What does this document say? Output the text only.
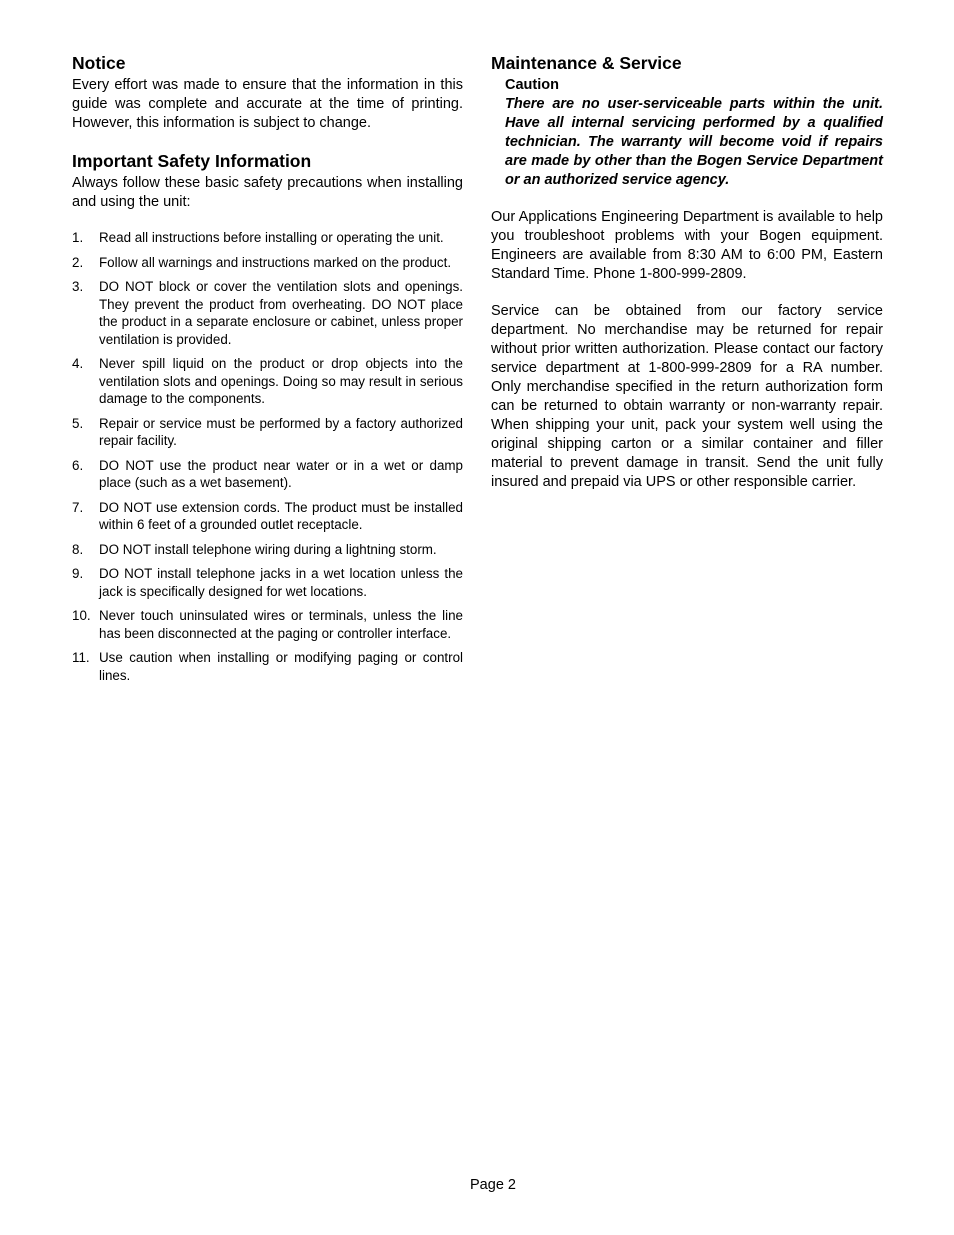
Notice

Every effort was made to ensure that the information in this guide was complete and accurate at the time of printing. However, this information is subject to change.

Important Safety Information

Always follow these basic safety precautions when installing and using the unit:

1. Read all instructions before installing or operating the unit.
2. Follow all warnings and instructions marked on the product.
3. DO NOT block or cover the ventilation slots and openings. They prevent the product from overheating. DO NOT place the product in a separate enclosure or cabinet, unless proper ventilation is provided.
4. Never spill liquid on the product or drop objects into the ventilation slots and openings. Doing so may result in serious damage to the components.
5. Repair or service must be performed by a factory authorized repair facility.
6. DO NOT use the product near water or in a wet or damp place (such as a wet basement).
7. DO NOT use extension cords. The product must be installed within 6 feet of a grounded outlet receptacle.
8. DO NOT install telephone wiring during a lightning storm.
9. DO NOT install telephone jacks in a wet location unless the jack is specifically designed for wet locations.
10. Never touch uninsulated wires or terminals, unless the line has been disconnected at the paging or controller interface.
11. Use caution when installing or modifying paging or control lines.
Maintenance & Service
Caution
There are no user-serviceable parts within the unit. Have all internal servicing performed by a qualified technician. The warranty will become void if repairs are made by other than the Bogen Service Department or an authorized service agency.

Our Applications Engineering Department is available to help you troubleshoot problems with your Bogen equipment. Engineers are available from 8:30 AM to 6:00 PM, Eastern Standard Time. Phone 1-800-999-2809.

Service can be obtained from our factory service department. No merchandise may be returned for repair without prior written authorization. Please contact our factory service department at 1-800-999-2809 for a RA number. Only merchandise specified in the return authorization form can be returned to obtain warranty or non-warranty repair. When shipping your unit, pack your system well using the original shipping carton or a similar container and filler material to prevent damage in transit. Send the unit fully insured and prepaid via UPS or other responsible carrier.

Page 2
